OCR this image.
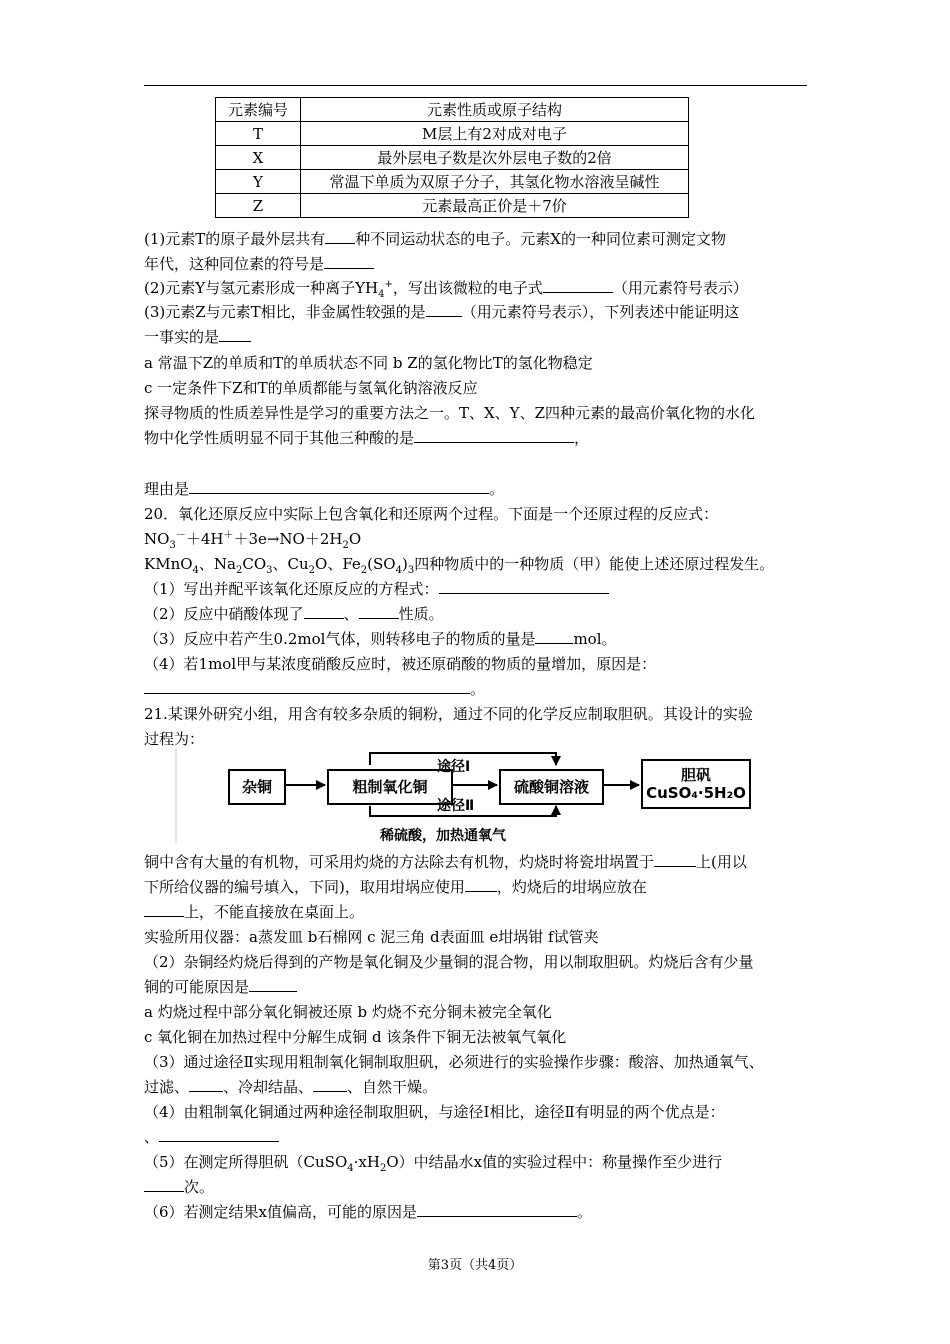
元素编号	元素性质或原子结构
T	M层上有2对成对电子
X	最外层电子数是次外层电子数的2倍
Y	常温下单质为双原子分子，其氢化物水溶液呈碱性
Z	元素最高正价是＋7价
(1)元素T的原子最外层共有 种不同运动状态的电子。元素X的一种同位素可测定文物
年代，这种同位素的符号是
(2)元素Y与氢元素形成一种离子$YH_4^+$，写出该微粒的电子式	（用元素符号表示）
(3)元素Z与元素T相比，非金属性较强的是 （用元素符号表示），下列表述中能证明这
一事实的是
a 常温下Z的单质和T的单质状态不同 b Z的氢化物比T的氢化物稳定
c 一定条件下Z和T的单质都能与氢氧化钠溶液反应
探寻物质的性质差异性是学习的重要方法之一。T、X、Y、Z四种元素的最高价氧化物的水化
物中化学性质明显不同于其他三种酸的是	，
理由是	。
20．氧化还原反应中实际上包含氧化和还原两个过程。下面是一个还原过程的反应式：
$NO_3^-+4H^++3e\to NO+2H_2O$
KMnO$_4$、$Na_2CO_3$、$Cu_2O$、$Fe_2(SO_4)_3$四种物质中的一种物质（甲）能使上述还原过程发生。
（1）写出并配平该氧化还原反应的方程式：
（2）反应中硝酸体现了	、	性质。
（3）反应中若产生0.2mol气体，则转移电子的物质的量是	mol。
（4）若1mol甲与某浓度硝酸反应时，被还原硝酸的物质的量增加，原因是：
。
21.某课外研究小组，用含有较多杂质的铜粉，通过不同的化学反应制取胆矾。其设计的实验
过程为：
杂铜	粗制氧化铜	硫酸铜溶液
胆矾
CuSO₄·5H₂O
途径Ⅰ
途径Ⅱ
稀硫酸，加热通氧气
铜中含有大量的有机物，可采用灼烧的方法除去有机物，灼烧时将瓷坩埚置于	上(用以
下所给仪器的编号填入，下同)，取用坩埚应使用 ，灼烧后的坩埚应放在
上，不能直接放在桌面上。
实验所用仪器：a蒸发皿 b石棉网 c 泥三角 d表面皿 e坩埚钳 f试管夹
（2）杂铜经灼烧后得到的产物是氧化铜及少量铜的混合物，用以制取胆矾。灼烧后含有少量
铜的可能原因是
a 灼烧过程中部分氧化铜被还原 b 灼烧不充分铜未被完全氧化
c 氧化铜在加热过程中分解生成铜 d 该条件下铜无法被氧气氧化
（3）通过途径Ⅱ实现用粗制氧化铜制取胆矾，必须进行的实验操作步骤：酸溶、加热通氧气、
过滤、 、冷却结晶、 、自然干燥。
（4）由粗制氧化铜通过两种途径制取胆矾，与途径Ⅰ相比，途径Ⅱ有明显的两个优点是：
、
（5）在测定所得胆矾$(CuSO_4\cdot xH_2O)$中结晶水x值的实验过程中：称量操作至少进行
次。
（6）若测定结果x值偏高，可能的原因是	。
第3页（共4页）
